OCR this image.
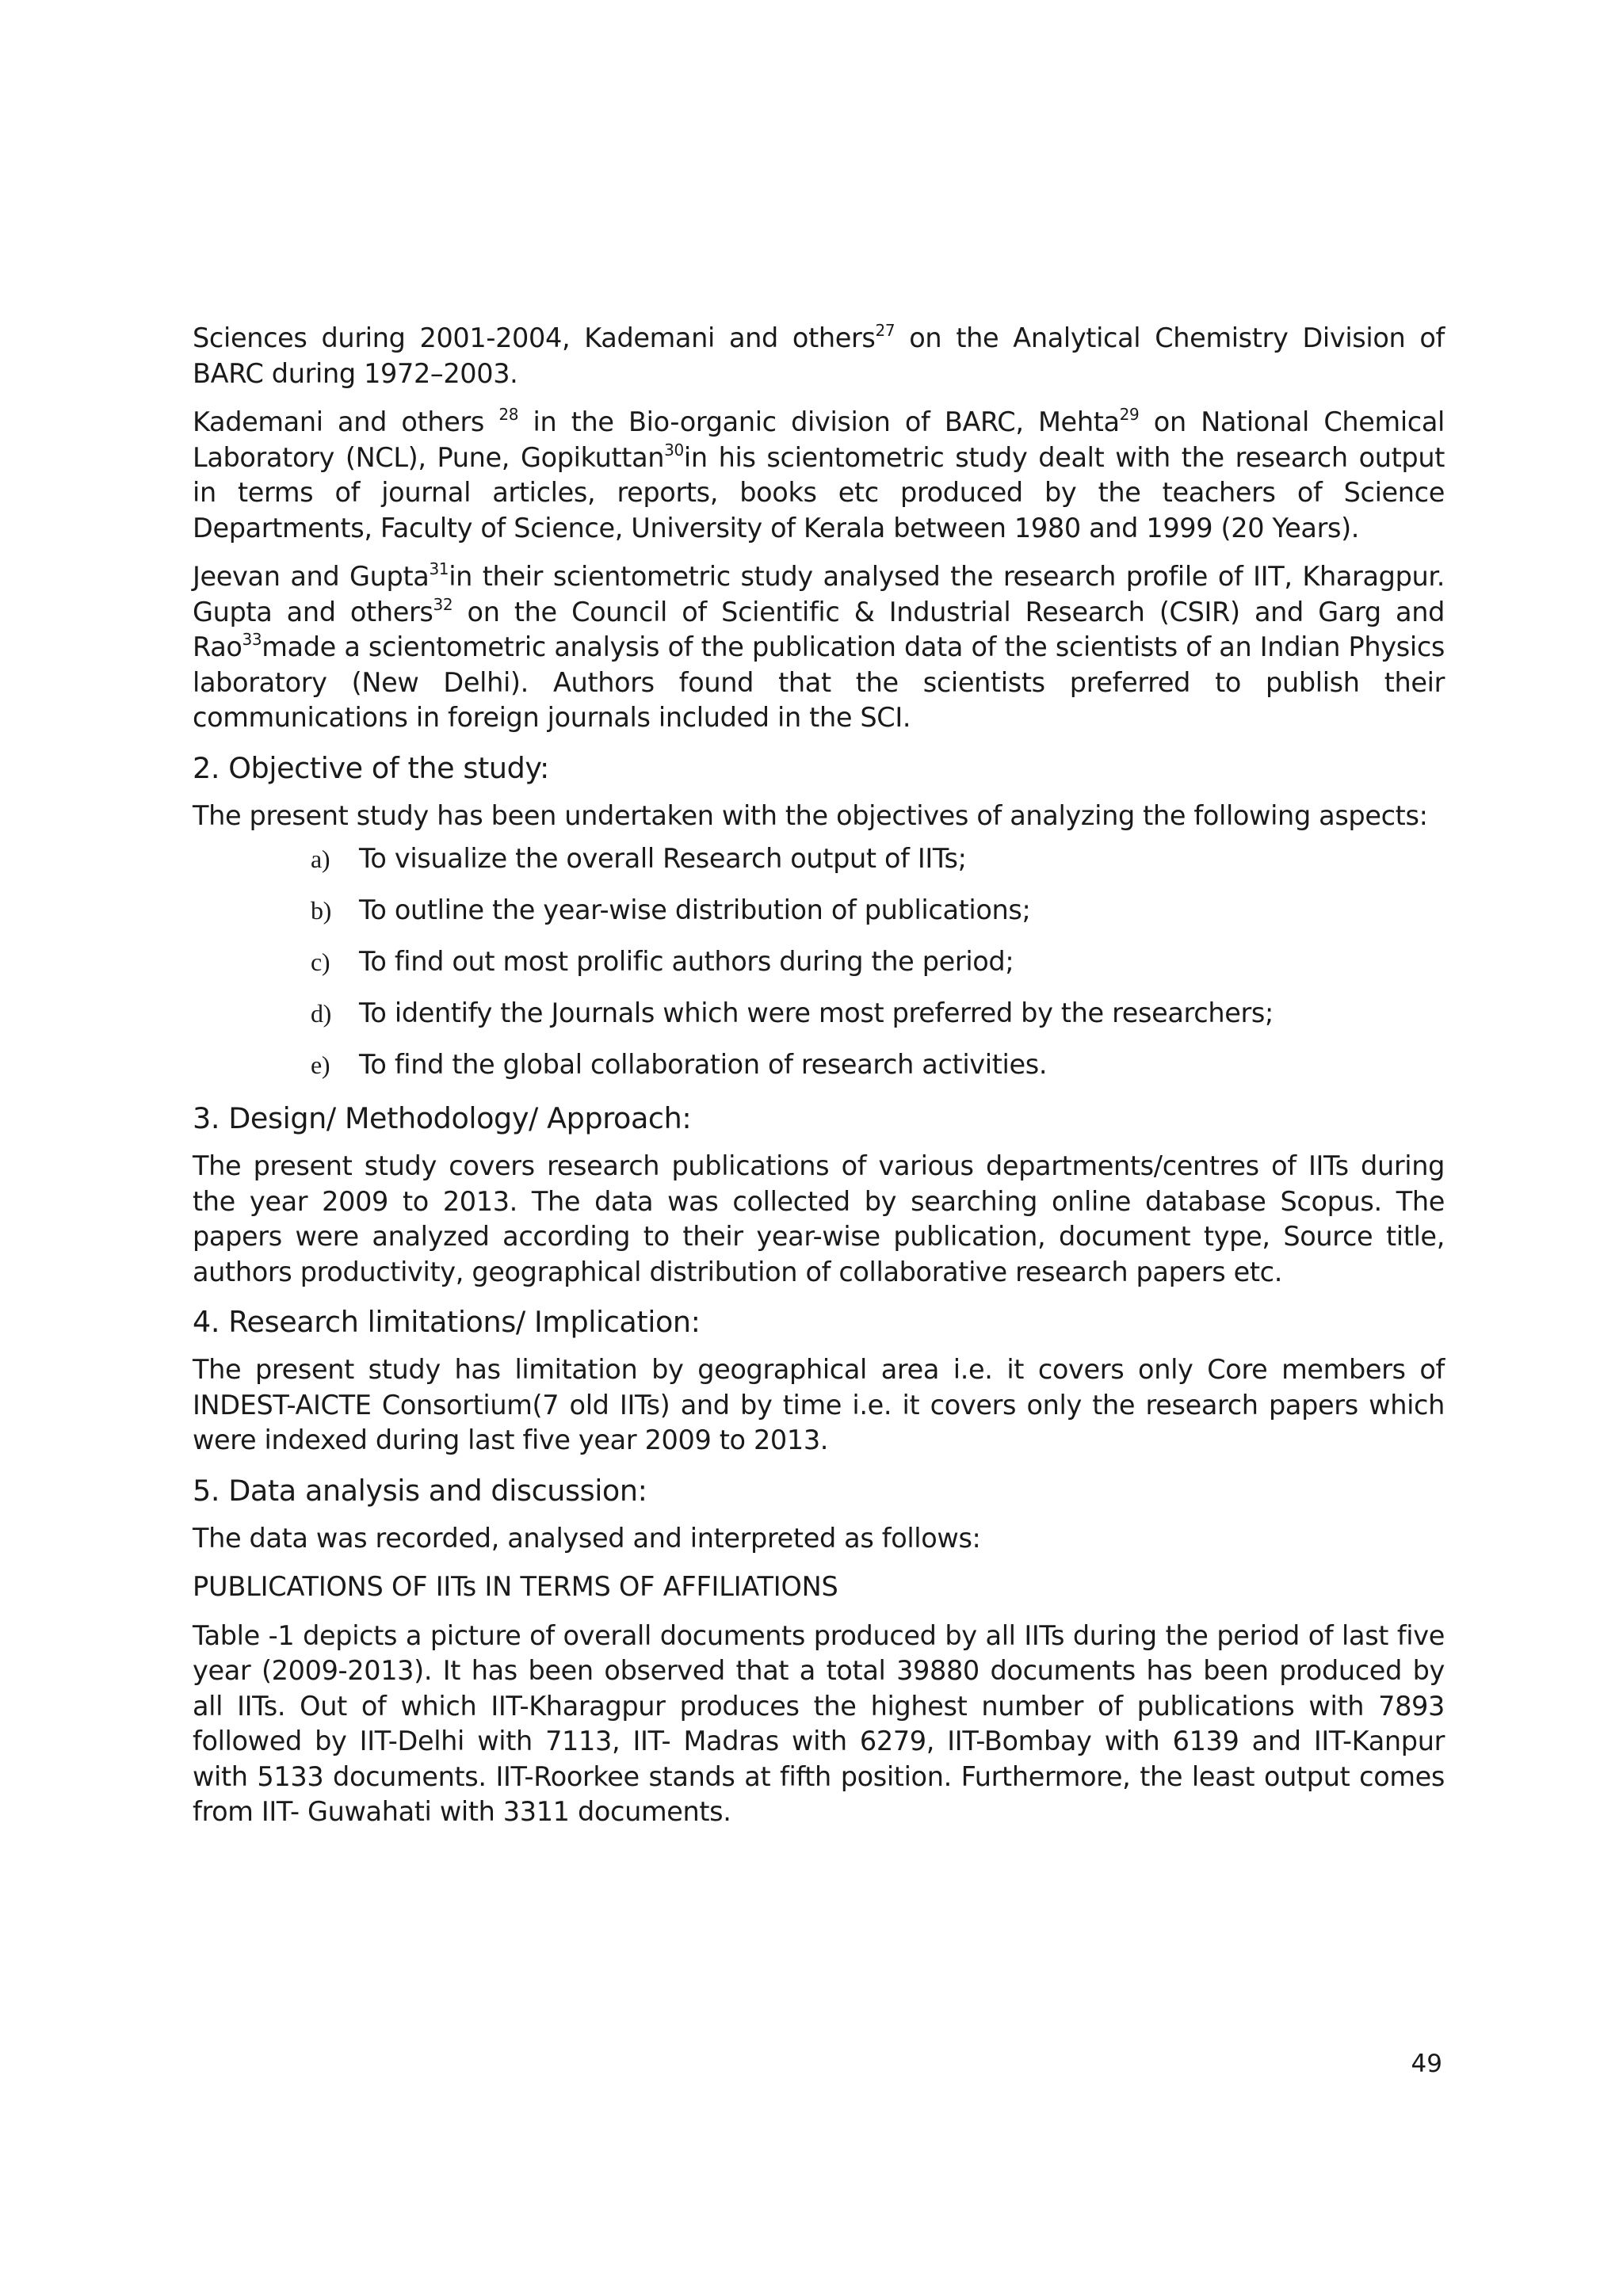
Sciences during 2001-2004, Kademani and others$^{27}$ on the Analytical Chemistry Division of BARC during 1972–2003.

Kademani and others $^{28}$ in the Bio-organic division of BARC, Mehta$^{29}$ on National Chemical Laboratory (NCL), Pune, Gopikuttan$^{30}$in his scientometric study dealt with the research output in terms of journal articles, reports, books etc produced by the teachers of Science Departments, Faculty of Science, University of Kerala between 1980 and 1999 (20 Years).

Jeevan and Gupta$^{31}$in their scientometric study analysed the research profile of IIT, Kharagpur. Gupta and others$^{32}$ on the Council of Scientific & Industrial Research (CSIR) and Garg and Rao$^{33}$made a scientometric analysis of the publication data of the scientists of an Indian Physics laboratory (New Delhi). Authors found that the scientists preferred to publish their communications in foreign journals included in the SCI.

2. Objective of the study:

The present study has been undertaken with the objectives of analyzing the following aspects:

a) To visualize the overall Research output of IITs;
b) To outline the year-wise distribution of publications;
c) To find out most prolific authors during the period;
d) To identify the Journals which were most preferred by the researchers;
e) To find the global collaboration of research activities.
3. Design/ Methodology/ Approach:

The present study covers research publications of various departments/centres of IITs during the year 2009 to 2013. The data was collected by searching online database Scopus. The papers were analyzed according to their year-wise publication, document type, Source title, authors productivity, geographical distribution of collaborative research papers etc.

4. Research limitations/ Implication:

The present study has limitation by geographical area i.e. it covers only Core members of INDEST-AICTE Consortium(7 old IITs) and by time i.e. it covers only the research papers which were indexed during last five year 2009 to 2013.

5. Data analysis and discussion:

The data was recorded, analysed and interpreted as follows:

PUBLICATIONS OF IITs IN TERMS OF AFFILIATIONS

Table -1 depicts a picture of overall documents produced by all IITs during the period of last five year (2009-2013). It has been observed that a total 39880 documents has been produced by all IITs. Out of which IIT-Kharagpur produces the highest number of publications with 7893 followed by IIT-Delhi with 7113, IIT- Madras with 6279, IIT-Bombay with 6139 and IIT-Kanpur with 5133 documents. IIT-Roorkee stands at fifth position. Furthermore, the least output comes from IIT- Guwahati with 3311 documents.

49
